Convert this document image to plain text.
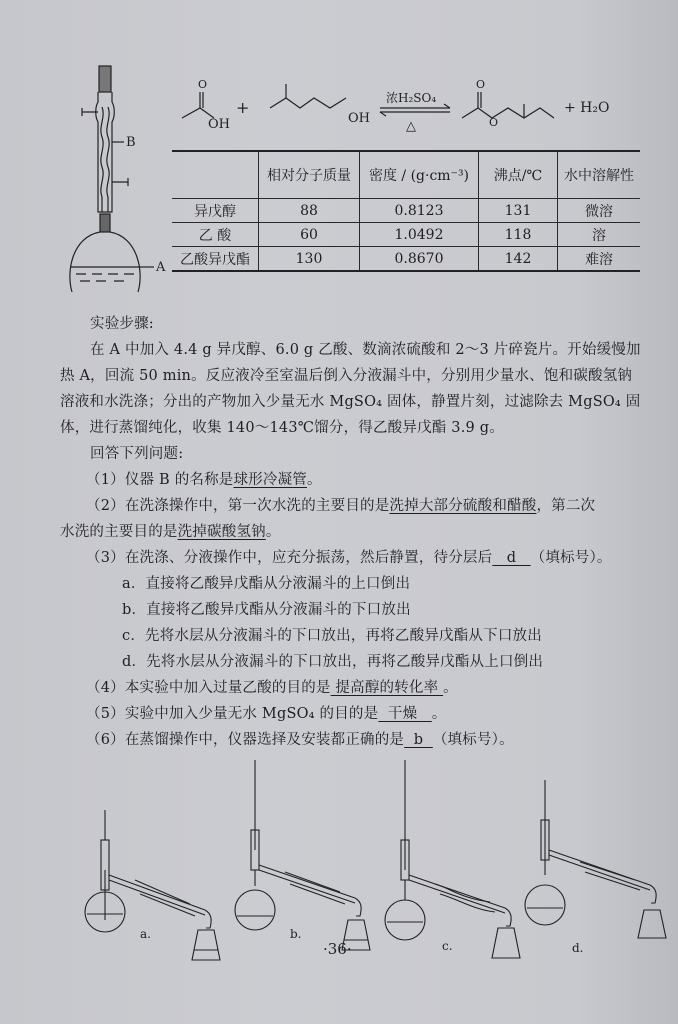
B
A
O
OH
+
OH
浓H₂SO₄
△
O
O
+ H₂O
	相对分子质量	密度 / (g·cm⁻³)	沸点/℃	水中溶解性
异戊醇	88	0.8123	131	微溶
乙 酸	60	1.0492	118	溶
乙酸异戊酯	130	0.8670	142	难溶
实验步骤:
在 A 中加入 4.4 g 异戊醇、6.0 g 乙酸、数滴浓硫酸和 2～3 片碎瓷片。开始缓慢加
热 A，回流 50 min。反应液冷至室温后倒入分液漏斗中，分别用少量水、饱和碳酸氢钠
溶液和水洗涤；分出的产物加入少量无水 MgSO₄ 固体，静置片刻，过滤除去 MgSO₄ 固
体，进行蒸馏纯化，收集 140～143℃馏分，得乙酸异戊酯 3.9 g。
回答下列问题:
（1）仪器 B 的名称是球形冷凝管。
（2）在洗涤操作中，第一次水洗的主要目的是洗掉大部分硫酸和醋酸，第二次
水洗的主要目的是洗掉碳酸氢钠。
（3）在洗涤、分液操作中，应充分振荡，然后静置，待分层后   d   （填标号）。
a．直接将乙酸异戊酯从分液漏斗的上口倒出
b．直接将乙酸异戊酯从分液漏斗的下口放出
c．先将水层从分液漏斗的下口放出，再将乙酸异戊酯从下口放出
d．先将水层从分液漏斗的下口放出，再将乙酸异戊酯从上口倒出
（4）本实验中加入过量乙酸的目的是 提高醇的转化率 。
（5）实验中加入少量无水 MgSO₄ 的目的是  干燥   。
（6）在蒸馏操作中，仪器选择及安装都正确的是  b  （填标号）。
a.	b.
c.	d.
·36·
